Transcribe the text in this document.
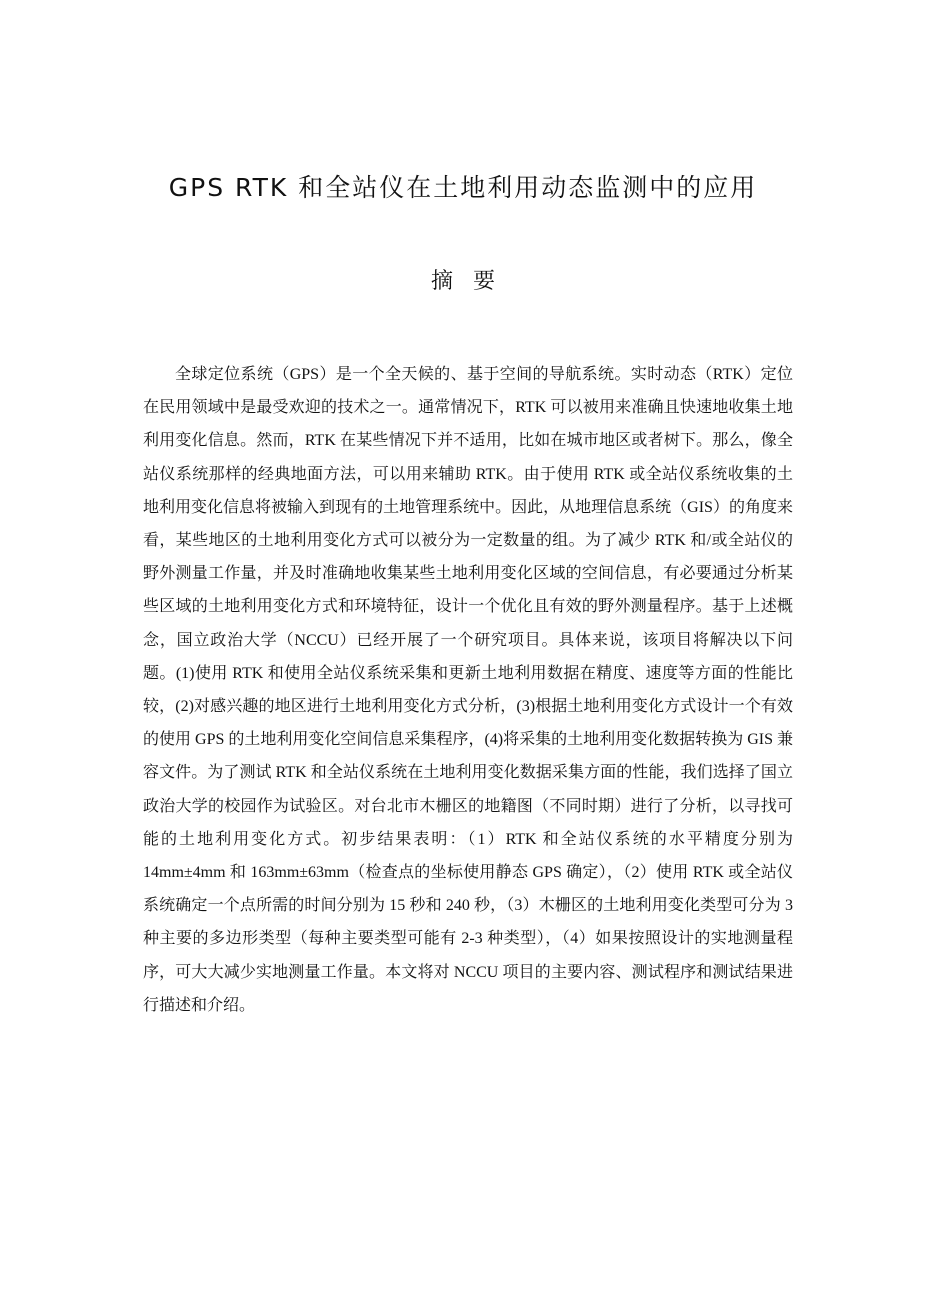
GPS RTK 和全站仪在土地利用动态监测中的应用
摘 要

全球定位系统（GPS）是一个全天候的、基于空间的导航系统。实时动态（RTK）定位在民用领域中是最受欢迎的技术之一。通常情况下，RTK 可以被用来准确且快速地收集土地利用变化信息。然而，RTK 在某些情况下并不适用，比如在城市地区或者树下。那么，像全站仪系统那样的经典地面方法，可以用来辅助 RTK。由于使用 RTK 或全站仪系统收集的土地利用变化信息将被输入到现有的土地管理系统中。因此，从地理信息系统（GIS）的角度来看，某些地区的土地利用变化方式可以被分为一定数量的组。为了减少 RTK 和/或全站仪的野外测量工作量，并及时准确地收集某些土地利用变化区域的空间信息，有必要通过分析某些区域的土地利用变化方式和环境特征，设计一个优化且有效的野外测量程序。基于上述概念，国立政治大学（NCCU）已经开展了一个研究项目。具体来说，该项目将解决以下问题。(1)使用 RTK 和使用全站仪系统采集和更新土地利用数据在精度、速度等方面的性能比较，(2)对感兴趣的地区进行土地利用变化方式分析，(3)根据土地利用变化方式设计一个有效的使用 GPS 的土地利用变化空间信息采集程序，(4)将采集的土地利用变化数据转换为 GIS 兼容文件。为了测试 RTK 和全站仪系统在土地利用变化数据采集方面的性能，我们选择了国立政治大学的校园作为试验区。对台北市木栅区的地籍图（不同时期）进行了分析，以寻找可能的土地利用变化方式。初步结果表明：（1）RTK 和全站仪系统的水平精度分别为 14mm±4mm 和 163mm±63mm（检查点的坐标使用静态 GPS 确定），（2）使用 RTK 或全站仪系统确定一个点所需的时间分别为 15 秒和 240 秒，（3）木栅区的土地利用变化类型可分为 3 种主要的多边形类型（每种主要类型可能有 2-3 种类型），（4）如果按照设计的实地测量程序，可大大减少实地测量工作量。本文将对 NCCU 项目的主要内容、测试程序和测试结果进行描述和介绍。
